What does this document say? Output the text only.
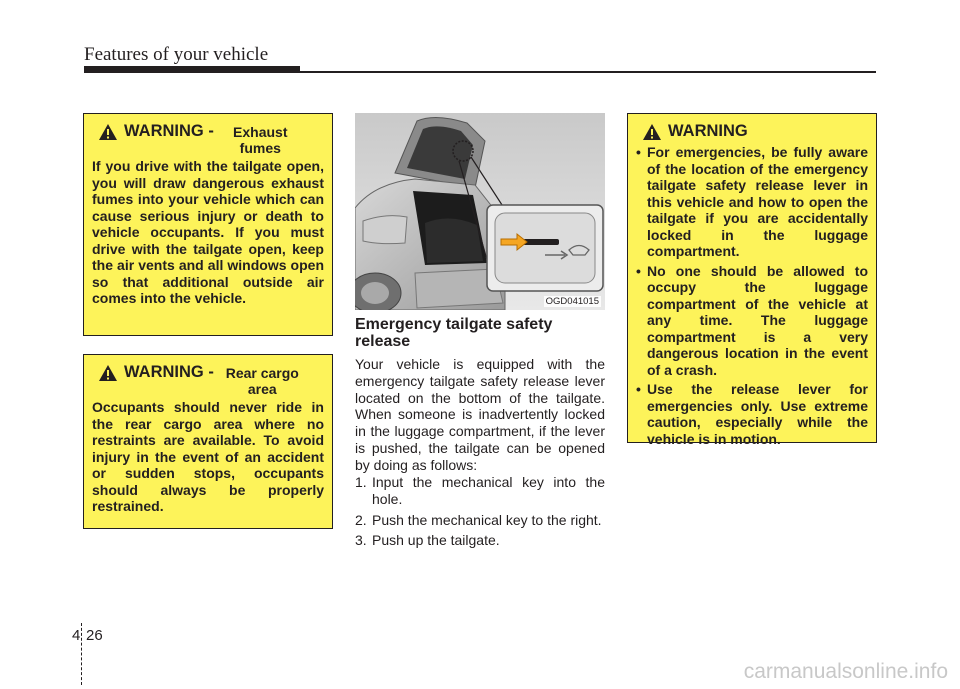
Features of your vehicle
WARNING - Exhaust fumes
If you drive with the tailgate open, you will draw dangerous exhaust fumes into your vehicle which can cause serious injury or death to vehicle occupants. If you must drive with the tailgate open, keep the air vents and all windows open so that additional outside air comes into the vehicle.
WARNING - Rear cargo area
Occupants should never ride in the rear cargo area where no restraints are available. To avoid injury in the event of an accident or sudden stops, occupants should always be properly restrained.
OGD041015
Emergency tailgate safety release
Your vehicle is equipped with the emergency tailgate safety release lever located on the bottom of the tailgate. When someone is inadvertently locked in the luggage compartment, if the lever is pushed, the tailgate can be opened by doing as follows:
1. Input the mechanical key into the hole.
2. Push the mechanical key to the right.
3. Push up the tailgate.
WARNING
• For emergencies, be fully aware of the location of the emergency tailgate safety release lever in this vehicle and how to open the tailgate if you are accidentally locked in the luggage compartment.
• No one should be allowed to occupy the luggage compartment of the vehicle at any time. The luggage compartment is a very dangerous location in the event of a crash.
• Use the release lever for emergencies only. Use extreme caution, especially while the vehicle is in motion.
4 26
carmanualsonline.info
